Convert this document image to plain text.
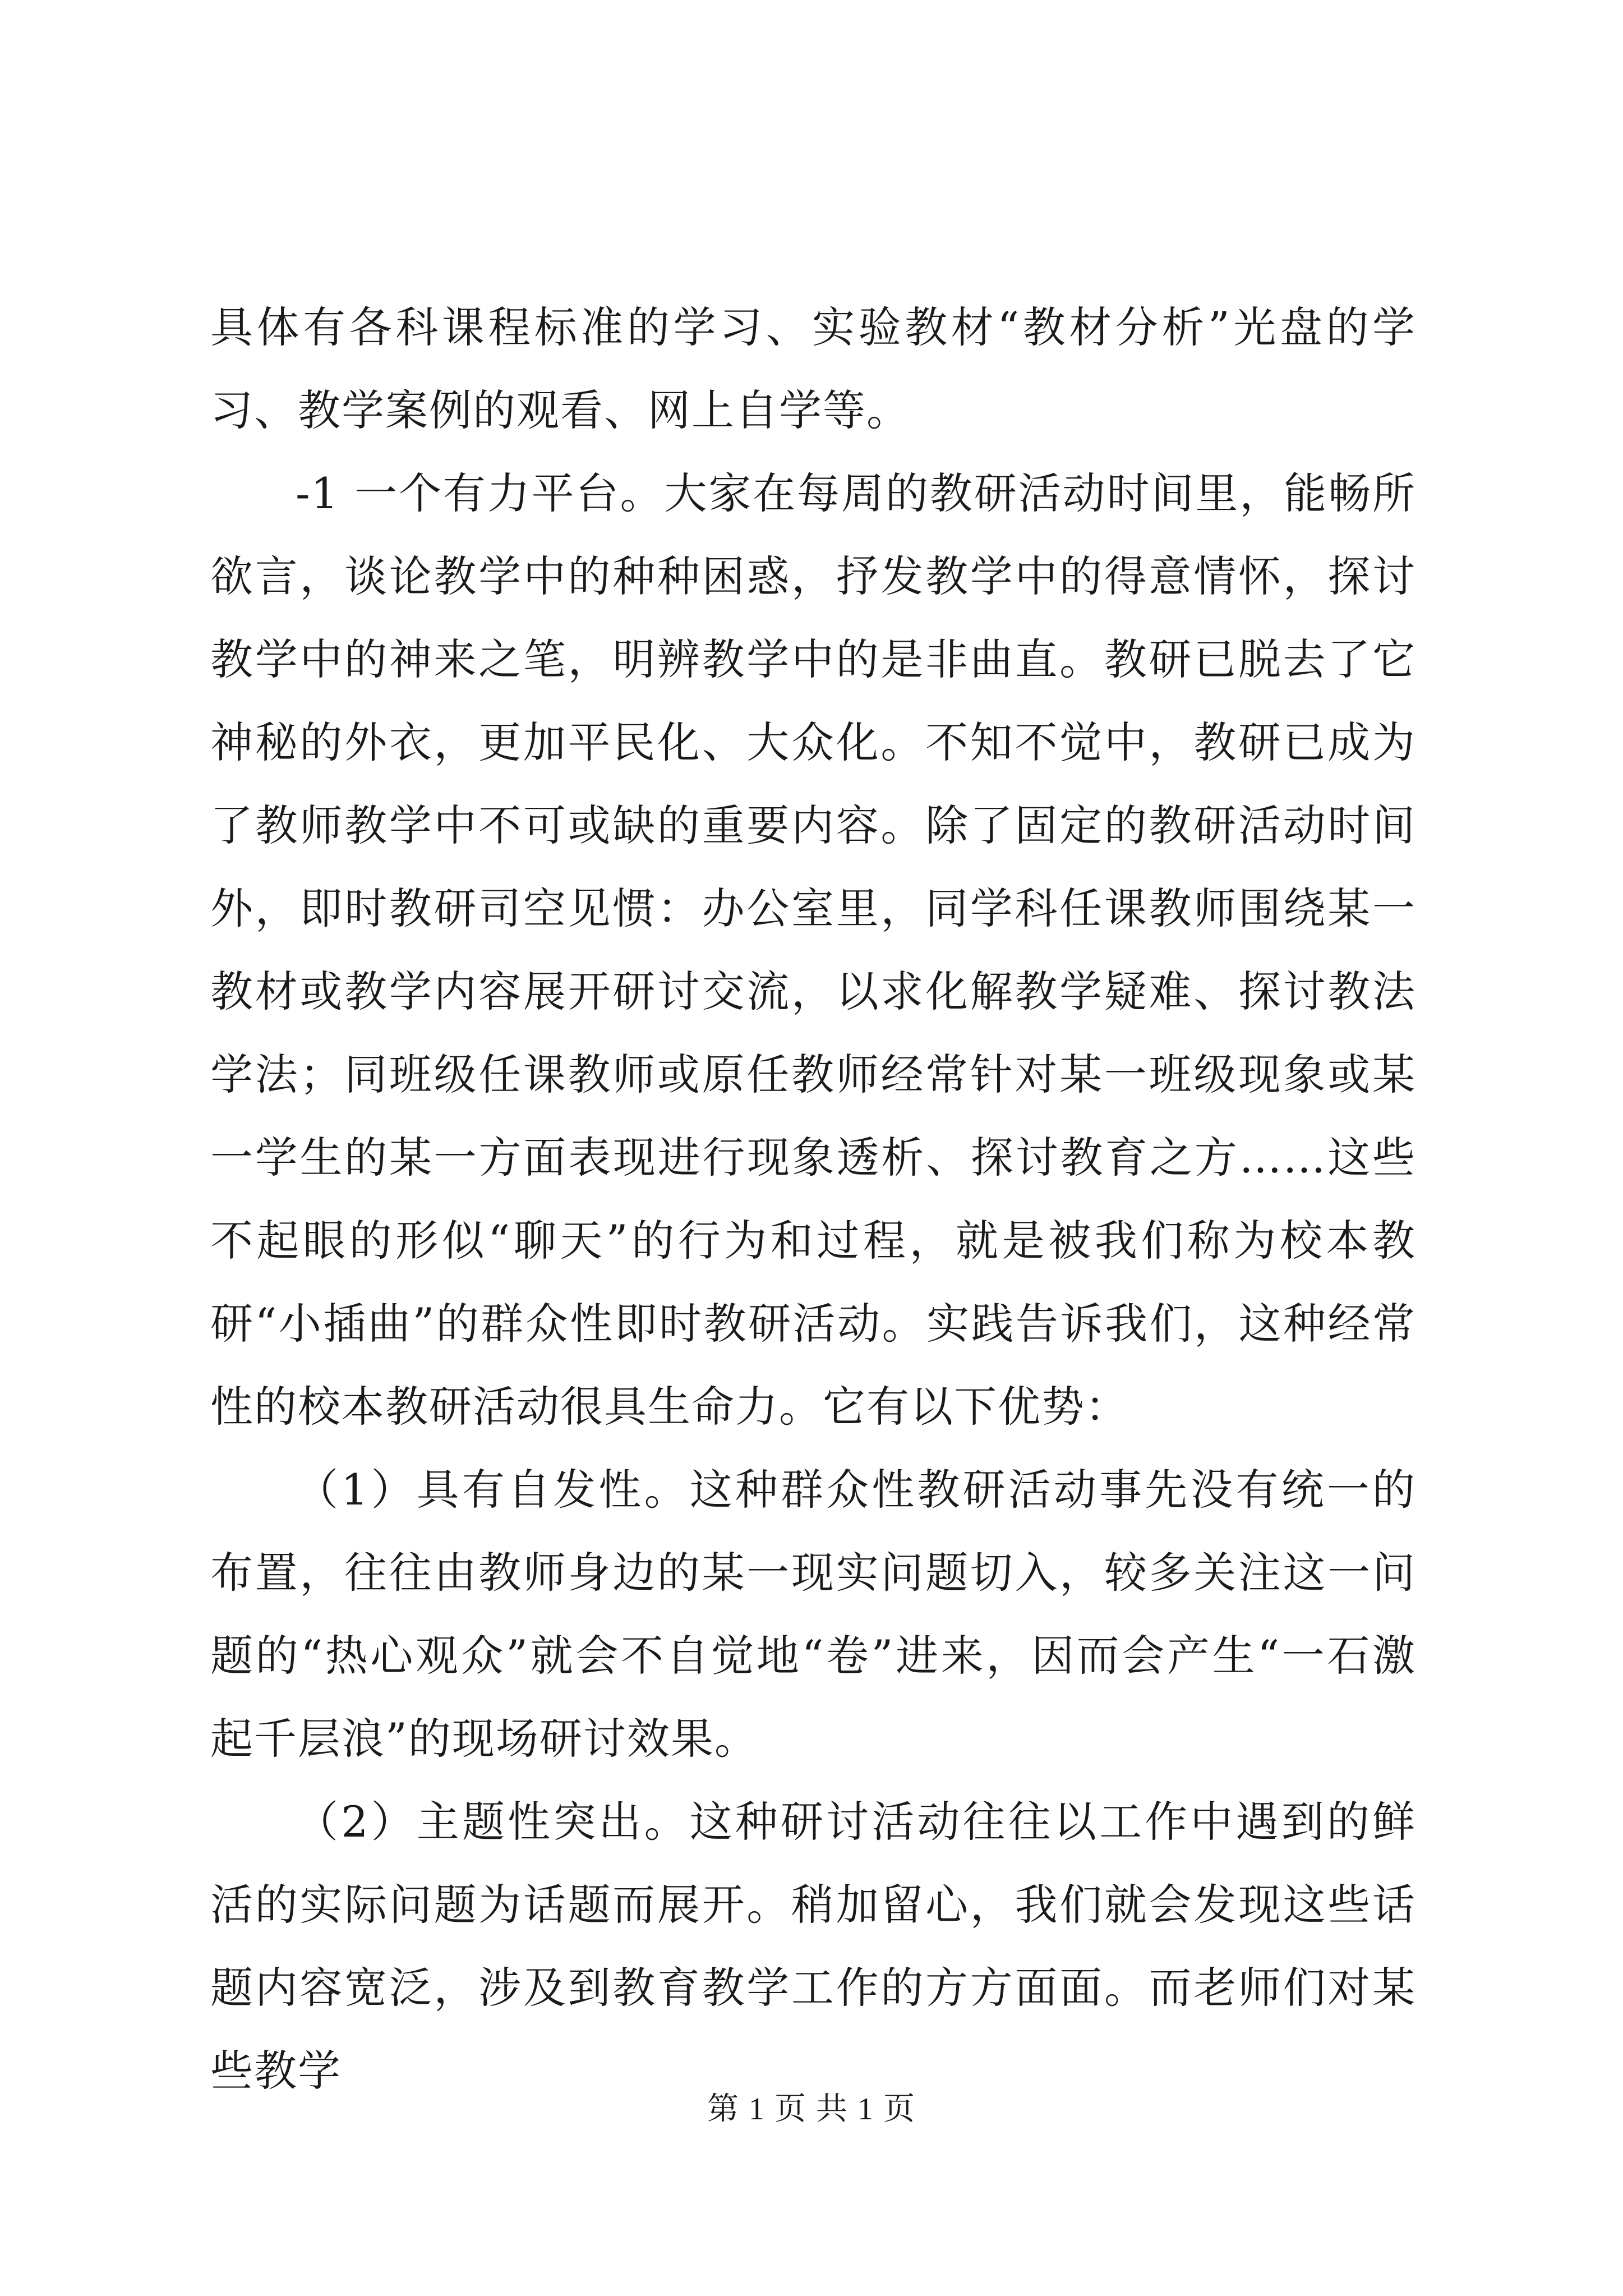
具体有各科课程标准的学习、实验教材“教材分析”光盘的学习、教学案例的观看、网上自学等。

-1 一个有力平台。大家在每周的教研活动时间里，能畅所欲言，谈论教学中的种种困惑，抒发教学中的得意情怀，探讨教学中的神来之笔，明辨教学中的是非曲直。教研已脱去了它神秘的外衣，更加平民化、大众化。不知不觉中，教研已成为了教师教学中不可或缺的重要内容。除了固定的教研活动时间外，即时教研司空见惯：办公室里，同学科任课教师围绕某一教材或教学内容展开研讨交流，以求化解教学疑难、探讨教法学法；同班级任课教师或原任教师经常针对某一班级现象或某一学生的某一方面表现进行现象透析、探讨教育之方……这些不起眼的形似“聊天”的行为和过程，就是被我们称为校本教研“小插曲”的群众性即时教研活动。实践告诉我们，这种经常性的校本教研活动很具生命力。它有以下优势：

（1）具有自发性。这种群众性教研活动事先没有统一的布置，往往由教师身边的某一现实问题切入，较多关注这一问题的“热心观众”就会不自觉地“卷”进来，因而会产生“一石激起千层浪”的现场研讨效果。

（2）主题性突出。这种研讨活动往往以工作中遇到的鲜活的实际问题为话题而展开。稍加留心，我们就会发现这些话题内容宽泛，涉及到教育教学工作的方方面面。而老师们对某些教学

第 1 页 共 1 页
